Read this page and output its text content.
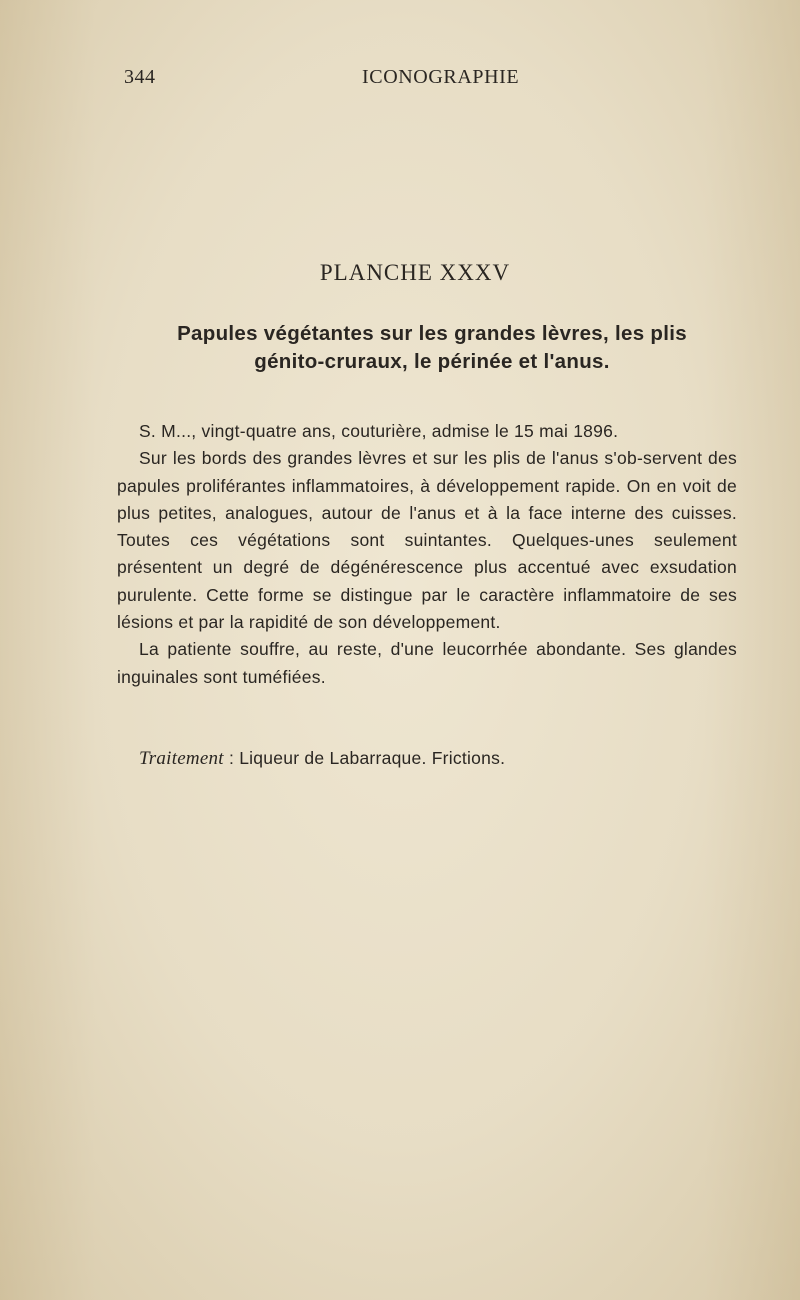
344	ICONOGRAPHIE
PLANCHE XXXV
Papules végétantes sur les grandes lèvres, les plis
génito-cruraux, le périnée et l'anus.

S. M..., vingt-quatre ans, couturière, admise le 15 mai 1896.

Sur les bords des grandes lèvres et sur les plis de l'anus s'ob-servent des papules proliférantes inflammatoires, à développement rapide. On en voit de plus petites, analogues, autour de l'anus et à la face interne des cuisses. Toutes ces végétations sont suintantes. Quelques-unes seulement présentent un degré de dégénérescence plus accentué avec exsudation purulente. Cette forme se distingue par le caractère inflammatoire de ses lésions et par la rapidité de son développement.

La patiente souffre, au reste, d'une leucorrhée abondante. Ses glandes inguinales sont tuméfiées.

Traitement : Liqueur de Labarraque. Frictions.
